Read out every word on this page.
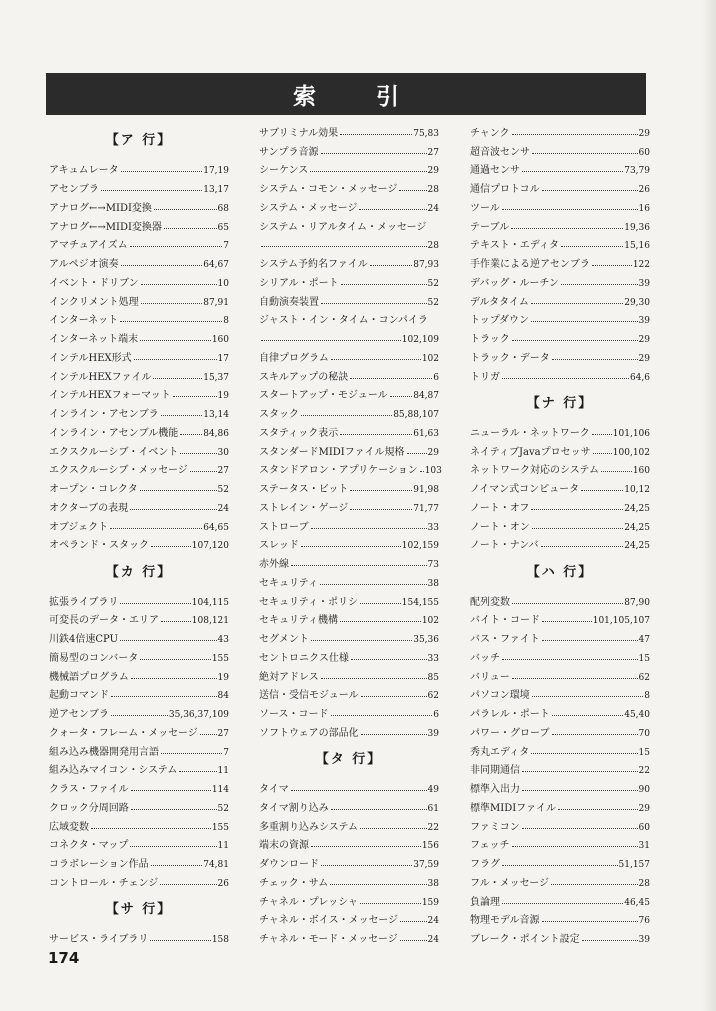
索 引
【ア 行】
アキュムレータ	17,19
アセンブラ	13,17
アナログ←→MIDI変換	68
アナログ←→MIDI変換器	65
アマチュアイズム	7
アルペジオ演奏	64,67
イベント・ドリブン	10
インクリメント処理	87,91
インターネット	8
インターネット端末	160
インテルHEX形式	17
インテルHEXファイル	15,37
インテルHEXフォーマット	19
インライン・アセンブラ	13,14
インライン・アセンブル機能	84,86
エクスクルーシブ・イベント	30
エクスクルーシブ・メッセージ	27
オープン・コレクタ	52
オクターブの表現	24
オブジェクト	64,65
オペランド・スタック	107,120
【カ 行】
拡張ライブラリ	104,115
可変長のデータ・エリア	108,121
川鉄4倍速CPU	43
簡易型のコンバータ	155
機械語プログラム	19
起動コマンド	84
逆アセンブラ	35,36,37,109
クォータ・フレーム・メッセージ 27
組み込み機器開発用言語	7
組み込みマイコン・システム	11
クラス・ファイル	114
クロック分周回路	52
広域変数	155
コネクタ・マップ	11
コラボレーション作品	74,81
コントロール・チェンジ	26
【サ 行】
サービス・ライブラリ	158
サブリミナル効果	75,83
サンプラ音源	27
シーケンス	29
システム・コモン・メッセージ	28
システム・メッセージ	24
システム・リアルタイム・メッセージ
28
システム予約名ファイル	87,93
シリアル・ポート	52
自動演奏装置	52
ジャスト・イン・タイム・コンパイラ
102,109
自律プログラム	102
スキルアップの秘訣	6
スタートアップ・モジュール	84,87
スタック	85,88,107
スタティック表示	61,63
スタンダードMIDIファイル規格	29
スタンドアロン・アプリケーション 103
ステータス・ビット	91,98
ストレイン・ゲージ	71,77
ストローブ	33
スレッド	102,159
赤外線	73
セキュリティ	38
セキュリティ・ポリシ	154,155
セキュリティ機構	102
セグメント	35,36
セントロニクス仕様	33
絶対アドレス	85
送信・受信モジュール	62
ソース・コード	6
ソフトウェアの部品化	39
【タ 行】
タイマ	49
タイマ割り込み	61
多重割り込みシステム	22
端末の資源	156
ダウンロード	37,59
チェック・サム	38
チャネル・プレッシャ	159
チャネル・ボイス・メッセージ	24
チャネル・モード・メッセージ	24
チャンク	29
超音波センサ	60
通過センサ	73,79
通信プロトコル	26
ツール	16
テーブル	19,36
テキスト・エディタ	15,16
手作業による逆アセンブラ	122
デバッグ・ルーチン	39
デルタタイム	29,30
トップダウン	39
トラック	29
トラック・データ	29
トリガ	64,6
【ナ 行】
ニューラル・ネットワーク	101,106
ネイティブJavaプロセッサ 100,102
ネットワーク対応のシステム	160
ノイマン式コンピュータ	10,12
ノート・オフ	24,25
ノート・オン	24,25
ノート・ナンバ	24,25
【ハ 行】
配列変数	87,90
バイト・コード	101,105,107
バス・ファイト	47
バッチ	15
バリュー	62
パソコン環境	8
パラレル・ポート	45,40
パワー・グローブ	70
秀丸エディタ	15
非同期通信	22
標準入出力	90
標準MIDIファイル	29
ファミコン	60
フェッチ	31
フラグ	51,157
フル・メッセージ	28
負論理	46,45
物理モデル音源	76
ブレーク・ポイント設定	39
174
